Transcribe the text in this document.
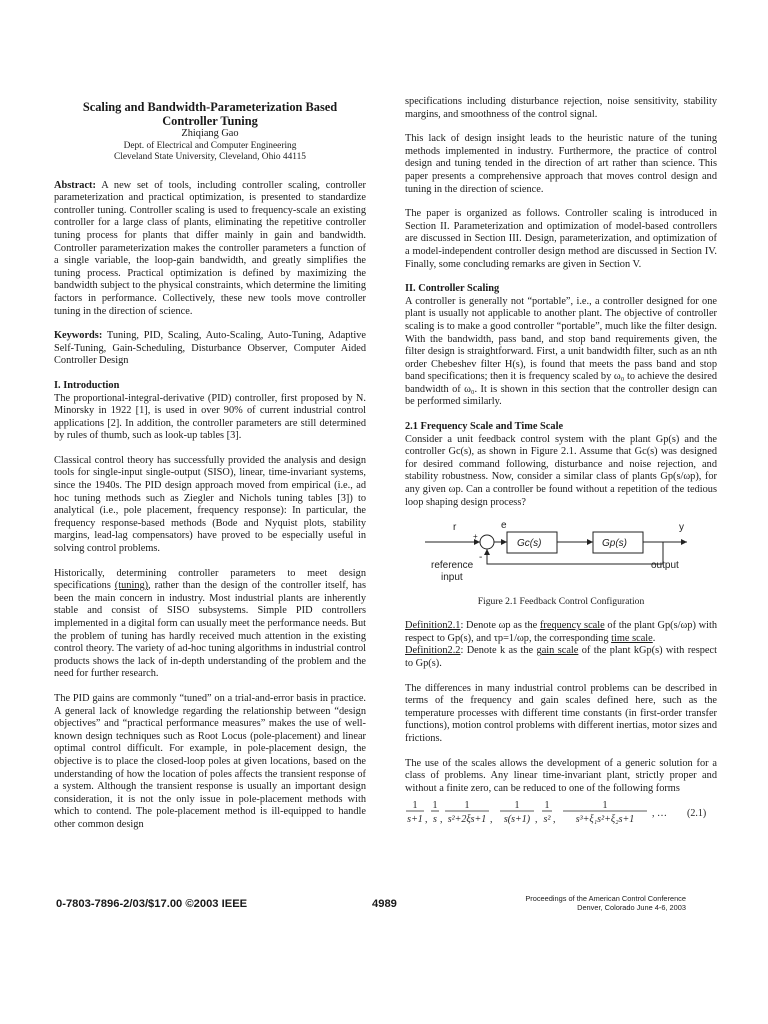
Scaling and Bandwidth-Parameterization Based Controller Tuning
Zhiqiang Gao
Dept. of Electrical and Computer Engineering
Cleveland State University, Cleveland, Ohio 44115

Abstract: A new set of tools, including controller scaling, controller parameterization and practical optimization, is presented to standardize controller tuning. Controller scaling is used to frequency-scale an existing controller for a large class of plants, eliminating the repetitive controller tuning process for plants that differ mainly in gain and bandwidth. Controller parameterization makes the controller parameters a function of a single variable, the loop-gain bandwidth, and greatly simplifies the tuning process. Practical optimization is defined by maximizing the bandwidth subject to the physical constraints, which determine the limiting factors in performance. Collectively, these new tools move controller tuning in the direction of science.

Keywords: Tuning, PID, Scaling, Auto-Scaling, Auto-Tuning, Adaptive Self-Tuning, Gain-Scheduling, Disturbance Observer, Computer Aided Controller Design

I. Introduction

The proportional-integral-derivative (PID) controller, first proposed by N. Minorsky in 1922 [1], is used in over 90% of current industrial control applications [2]. In addition, the controller parameters are still determined by rules of thumb, such as look-up tables [3].

Classical control theory has successfully provided the analysis and design tools for single-input single-output (SISO), linear, time-invariant systems, since the 1940s. The PID design approach moved from empirical (i.e., ad hoc tuning methods such as Ziegler and Nichols tuning tables [3]) to analytical (i.e., pole placement, frequency response): In particular, the frequency response-based methods (Bode and Nyquist plots, stability margins, lead-lag compensators) have proved to be especially useful in solving control problems.

Historically, determining controller parameters to meet design specifications (tuning), rather than the design of the controller itself, has been the main concern in industry. Most industrial plants are inherently stable and consist of SISO subsystems. Simple PID controllers implemented in a digital form can usually meet the performance needs. But the problem of tuning has hardly received much attention in the existing control theory. The variety of ad-hoc tuning algorithms in industrial control products shows the lack of in-depth understanding of the problem and the need for further research.

The PID gains are commonly “tuned” on a trial-and-error basis in practice. A general lack of knowledge regarding the relationship between “design objectives” and “practical performance measures” makes the use of well-known design techniques such as Root Locus (pole-placement) and linear optimal control difficult. For example, in pole-placement design, the objective is to place the closed-loop poles at given locations, based on the understanding of how the location of poles affects the transient response of a system. Although the transient response is usually an important design consideration, it is not the only issue in pole-placement methods with which to contend. The pole-placement method is ill-equipped to handle other common design

specifications including disturbance rejection, noise sensitivity, stability margins, and smoothness of the control signal.

This lack of design insight leads to the heuristic nature of the tuning methods implemented in industry. Furthermore, the practice of control design and tuning tended in the direction of art rather than science. This paper presents a comprehensive approach that moves control design and tuning in the direction of science.

The paper is organized as follows. Controller scaling is introduced in Section II. Parameterization and optimization of model-based controllers are discussed in Section III. Design, parameterization, and optimization of a model-independent controller design method are discussed in Section IV. Finally, some concluding remarks are given in Section V.

II. Controller Scaling

A controller is generally not “portable”, i.e., a controller designed for one plant is usually not applicable to another plant. The objective of controller scaling is to make a good controller “portable”, much like the filter design. With the bandwidth, pass band, and stop band requirements given, the filter design is straightforward. First, a unit bandwidth filter, such as an nth order Chebeshev filter H(s), is found that meets the pass band and stop band specifications; then it is frequency scaled by ω₀ to achieve the desired bandwidth of ω₀. It is shown in this section that the controller design can be performed similarly.

2.1 Frequency Scale and Time Scale

Consider a unit feedback control system with the plant Gp(s) and the controller Gc(s), as shown in Figure 2.1. Assume that Gc(s) was designed for desired command following, disturbance and noise rejection, and stability robustness. Now, consider a similar class of plants Gp(s/ωp), for any given ωp. Can a controller be found without a repetition of the tedious loop shaping design process?

r	e	y
Gc(s)	Gp(s)
+
-
reference
input
output
Figure 2.1 Feedback Control Configuration

Definition2.1: Denote ωp as the frequency scale of the plant Gp(s/ωp) with respect to Gp(s), and τp=1/ωp, the corresponding time scale.

Definition2.2: Denote k as the gain scale of the plant kGp(s) with respect to Gp(s).

The differences in many industrial control problems can be described in terms of the frequency and gain scales defined here, such as the temperature processes with different time constants (in first-order transfer functions), motion control problems with different inertias, motor sizes and frictions.

The use of the scales allows the development of a generic solution for a class of problems. Any linear time-invariant plant, strictly proper and without a finite zero, can be reduced to one of the following forms

1
s+1 ,
1
s ,
1
s²+2ξs+1 ,
1
s(s+1) ,
1
s² ,
1
s³+ξ₁s²+ξ₂s+1
, … (2.1)
0-7803-7896-2/03/$17.00 ©2003 IEEE	4989	Proceedings of the American Control Conference
Denver, Colorado June 4-6, 2003
